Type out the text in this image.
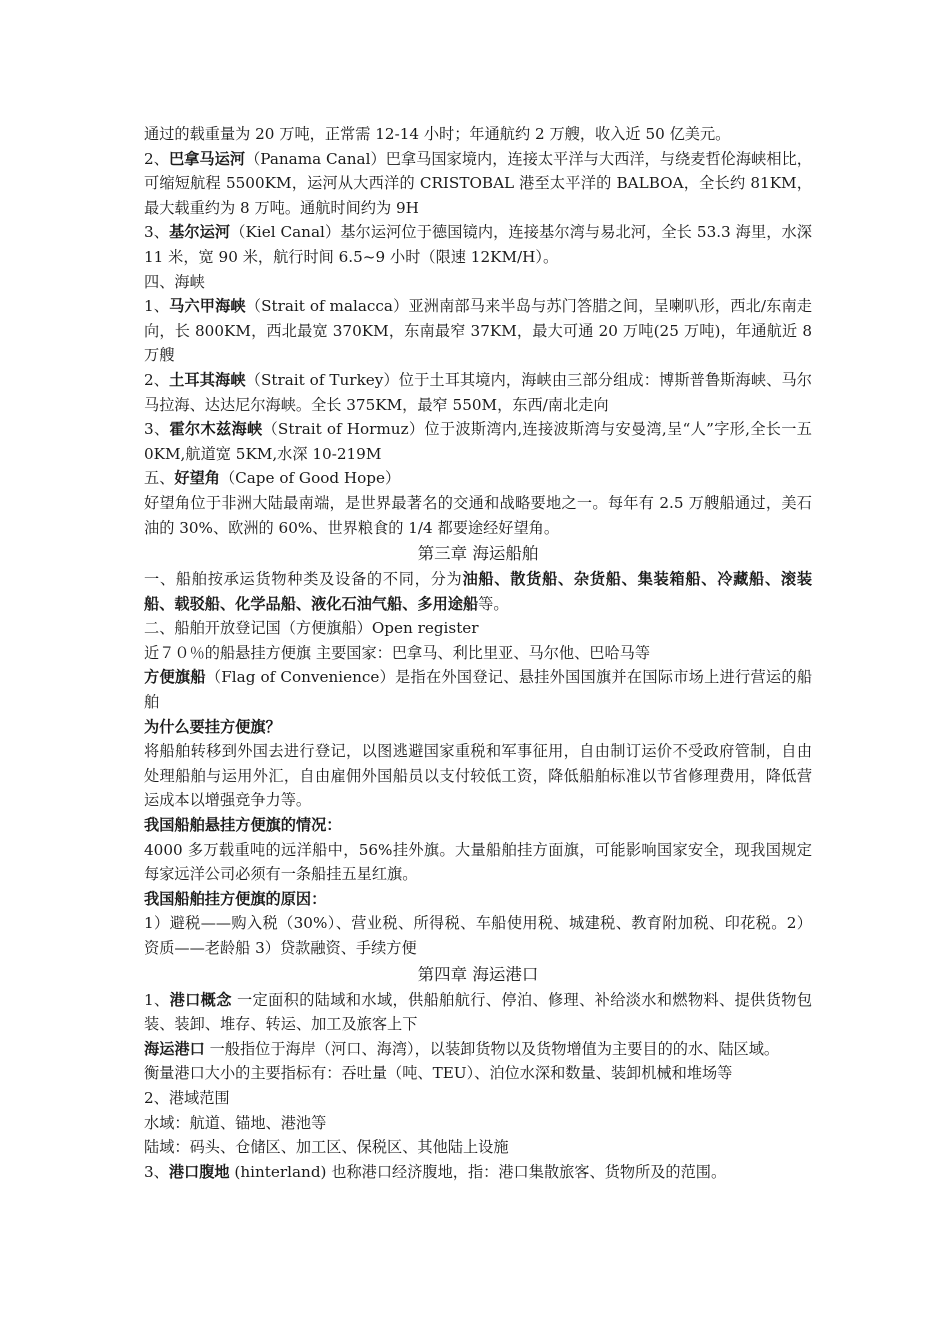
通过的载重量为 20 万吨，正常需 12-14 小时；年通航约 2 万艘，收入近 50 亿美元。

2、巴拿马运河（Panama Canal）巴拿马国家境内，连接太平洋与大西洋，与绕麦哲伦海峡相比，可缩短航程 5500KM，运河从大西洋的 CRISTOBAL 港至太平洋的 BALBOA，全长约 81KM，最大载重约为 8 万吨。通航时间约为 9H

3、基尔运河（Kiel Canal）基尔运河位于德国镜内，连接基尔湾与易北河，全长 53.3 海里，水深 11 米，宽 90 米，航行时间 6.5~9 小时（限速 12KM/H）。

四、海峡

1、马六甲海峡（Strait of malacca）亚洲南部马来半岛与苏门答腊之间，呈喇叭形，西北/东南走向，长 800KM，西北最宽 370KM，东南最窄 37KM，最大可通 20 万吨(25 万吨)，年通航近 8 万艘

2、土耳其海峡（Strait of Turkey）位于土耳其境内，海峡由三部分组成：博斯普鲁斯海峡、马尔马拉海、达达尼尔海峡。全长 375KM，最窄 550M，东西/南北走向

3、霍尔木兹海峡（Strait of Hormuz）位于波斯湾内,连接波斯湾与安曼湾,呈“人”字形,全长一五 0KM,航道宽 5KM,水深 10-219M

五、好望角（Cape of Good Hope）

好望角位于非洲大陆最南端，是世界最著名的交通和战略要地之一。每年有 2.5 万艘船通过，美石油的 30%、欧洲的 60%、世界粮食的 1/4 都要途经好望角。

第三章 海运船舶

一、船舶按承运货物种类及设备的不同，分为油船、散货船、杂货船、集装箱船、冷藏船、滚装船、载驳船、化学品船、液化石油气船、多用途船等。

二、船舶开放登记国（方便旗船）Open register

近７０％的船悬挂方便旗 主要国家：巴拿马、利比里亚、马尔他、巴哈马等

方便旗船（Flag of Convenience）是指在外国登记、悬挂外国国旗并在国际市场上进行营运的船舶

为什么要挂方便旗？

将船舶转移到外国去进行登记，以图逃避国家重税和军事征用，自由制订运价不受政府管制，自由处理船舶与运用外汇，自由雇佣外国船员以支付较低工资，降低船舶标准以节省修理费用，降低营运成本以增强竞争力等。

我国船舶悬挂方便旗的情况：

4000 多万载重吨的远洋船中，56%挂外旗。大量船舶挂方面旗，可能影响国家安全，现我国规定每家远洋公司必须有一条船挂五星红旗。

我国船舶挂方便旗的原因：

1）避税——购入税（30%）、营业税、所得税、车船使用税、城建税、教育附加税、印花税。2）资质——老龄船 3）贷款融资、手续方便

第四章 海运港口

1、港口概念 一定面积的陆域和水域，供船舶航行、停泊、修理、补给淡水和燃物料、提供货物包装、装卸、堆存、转运、加工及旅客上下

海运港口 一般指位于海岸（河口、海湾），以装卸货物以及货物增值为主要目的的水、陆区域。

衡量港口大小的主要指标有：吞吐量（吨、TEU）、泊位水深和数量、装卸机械和堆场等

2、港域范围

水域：航道、锚地、港池等

陆域：码头、仓储区、加工区、保税区、其他陆上设施

3、港口腹地 (hinterland) 也称港口经济腹地，指：港口集散旅客、货物所及的范围。
